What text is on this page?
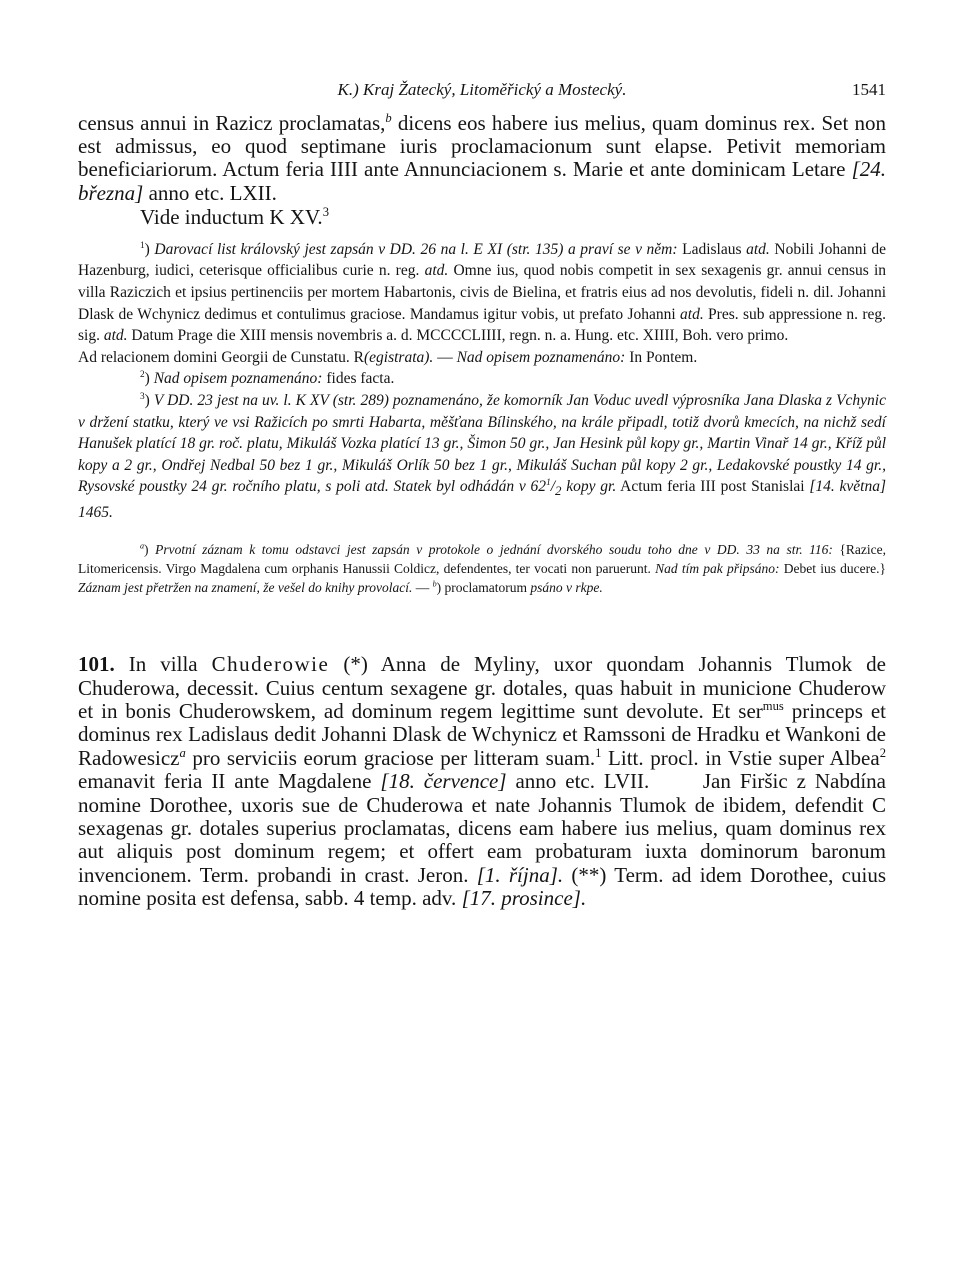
K.) Kraj Žatecký, Litoměřický a Mostecký.	1541

census annui in Razicz proclamatas,$^b$ dicens eos habere ius melius, quam dominus rex. Set non est admissus, eo quod septimane iuris proclamacionum sunt elapse. Petivit memoriam beneficiariorum. Actum feria IIII ante Annunciacionem s. Marie et ante dominicam Letare [24. března] anno etc. LXII.

Vide inductum K XV.$^3$

$^1$) Darovací list královský jest zapsán v DD. 26 na l. E XI (str. 135) a praví se v něm: Ladislaus atd. Nobili Johanni de Hazenburg, iudici, ceterisque officialibus curie n. reg. atd. Omne ius, quod nobis competit in sex sexagenis gr. annui census in villa Raziczich et ipsius pertinenciis per mortem Habartonis, civis de Bielina, et fratris eius ad nos devolutis, fideli n. dil. Johanni Dlask de Wchynicz dedimus et contulimus graciose. Mandamus igitur vobis, ut prefato Johanni atd. Pres. sub appressione n. reg. sig. atd. Datum Prage die XIII mensis novembris a. d. MCCCCLIIII, regn. n. a. Hung. etc. XIIII, Boh. vero primo.

Ad relacionem domini Georgii de Cunstatu. R(egistrata). — Nad opisem poznamenáno: In Pontem.

$^2$) Nad opisem poznamenáno: fides facta.

$^3$) V DD. 23 jest na uv. l. K XV (str. 289) poznamenáno, že komorník Jan Voduc uvedl výprosníka Jana Dlaska z Vchynic v držení statku, který ve vsi Ražicích po smrti Habarta, měšťana Bílinského, na krále připadl, totiž dvorů kmecích, na nichž sedí Hanušek platící 18 gr. roč. platu, Mikuláš Vozka platící 13 gr., Šimon 50 gr., Jan Hesink půl kopy gr., Martin Vinař 14 gr., Kříž půl kopy a 2 gr., Ondřej Nedbal 50 bez 1 gr., Mikuláš Orlík 50 bez 1 gr., Mikuláš Suchan půl kopy 2 gr., Ledakovské poustky 14 gr., Rysovské poustky 24 gr. ročního platu, s poli atd. Statek byl odhádán v $62^1/_2$ kopy gr. Actum feria III post Stanislai [14. května] 1465.

$^a$) Prvotní záznam k tomu odstavci jest zapsán v protokole o jednání dvorského soudu toho dne v DD. 33 na str. 116: {Razice, Litomericensis. Virgo Magdalena cum orphanis Hanussii Coldicz, defendentes, ter vocati non paruerunt. Nad tím pak připsáno: Debet ius ducere.} Záznam jest přetržen na znamení, že vešel do knihy provolací. — $^b$) proclamatorum psáno v rkpe.

101. In villa Chuderowie (*) Anna de Myliny, uxor quondam Johannis Tlumok de Chuderowa, decessit. Cuius centum sexagene gr. dotales, quas habuit in municione Chuderow et in bonis Chuderowskem, ad dominum regem legittime sunt devolute. Et ser$^{mus}$ princeps et dominus rex Ladislaus dedit Johanni Dlask de Wchynicz et Ramssoni de Hradku et Wankoni de Radowesicz$^a$ pro serviciis eorum graciose per litteram suam.$^1$ Litt. procl. in Vstie super Albea$^2$ emanavit feria II ante Magdalene [18. července] anno etc. LVII.      Jan Firšic z Nabdína nomine Dorothee, uxoris sue de Chuderowa et nate Johannis Tlumok de ibidem, defendit C sexagenas gr. dotales superius proclamatas, dicens eam habere ius melius, quam dominus rex aut aliquis post dominum regem; et offert eam probaturam iuxta dominorum baronum invencionem. Term. probandi in crast. Jeron. [1. října]. (**) Term. ad idem Dorothee, cuius nomine posita est defensa, sabb. 4 temp. adv. [17. prosince].
